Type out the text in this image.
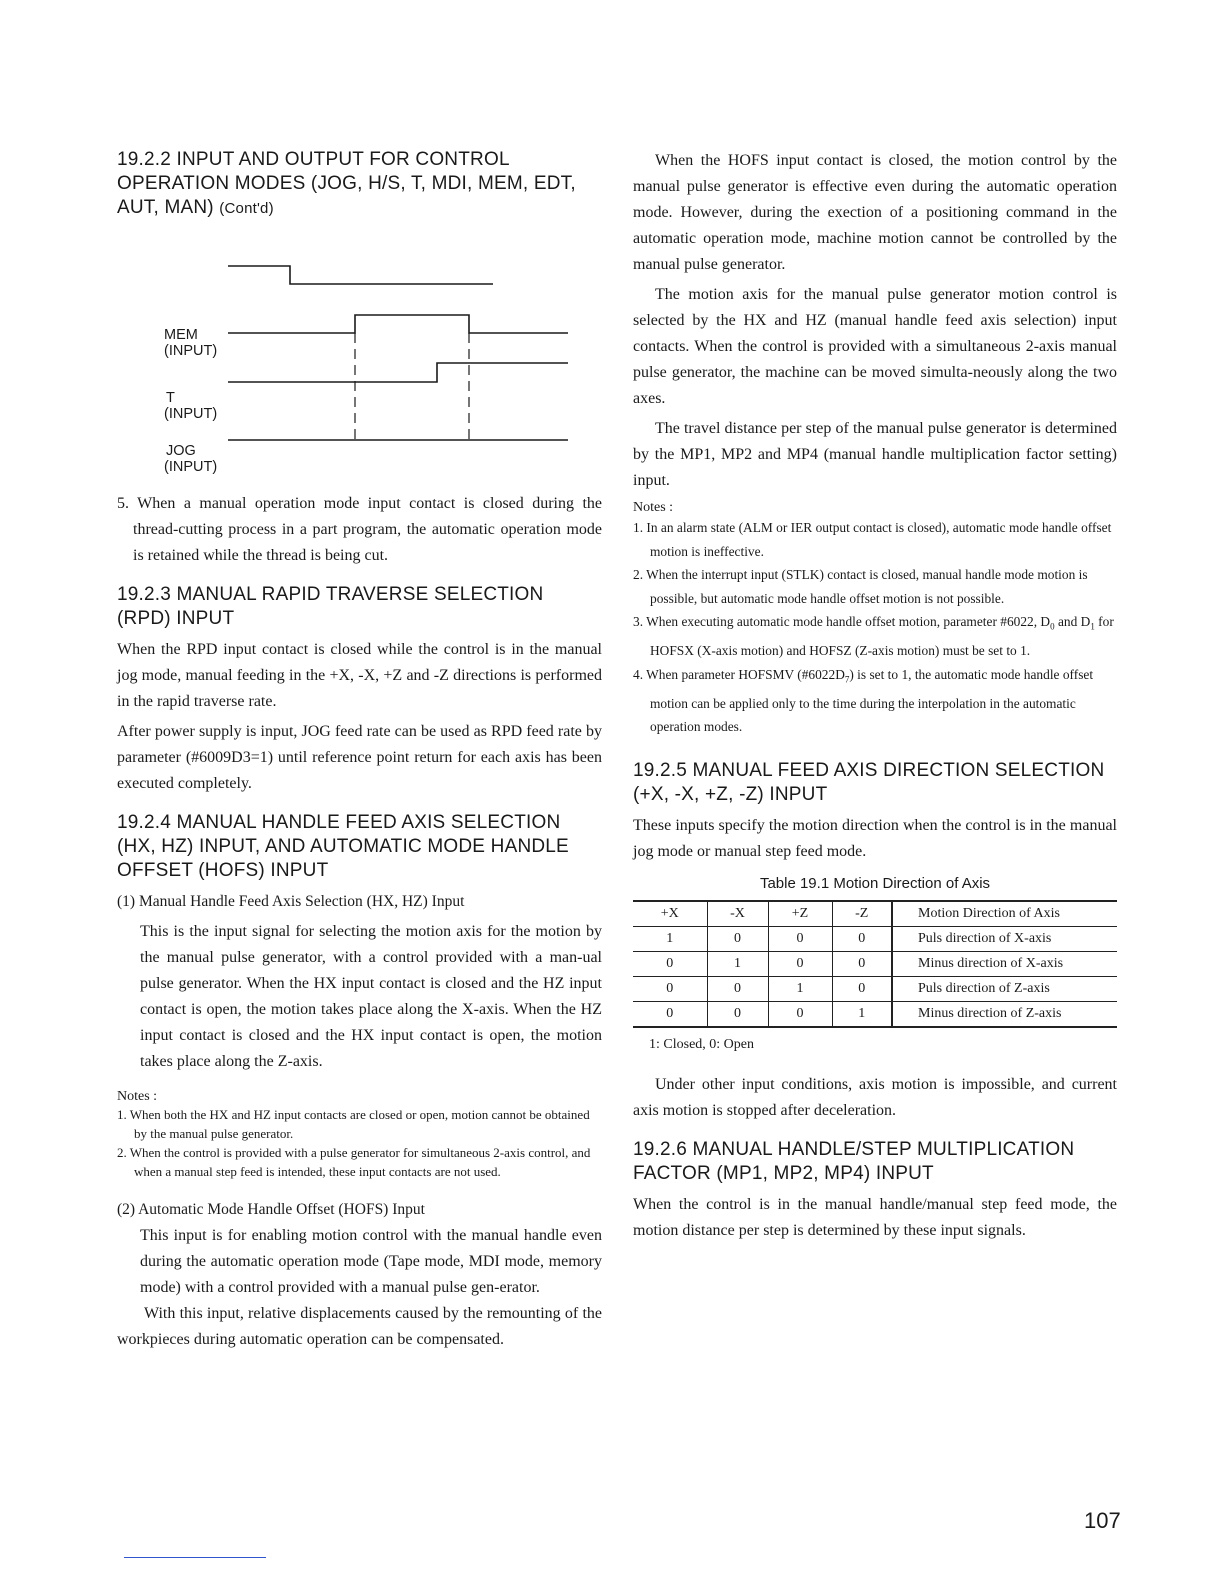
19.2.2 INPUT AND OUTPUT FOR CONTROL OPERATION MODES (JOG, H/S, T, MDI, MEM, EDT, AUT, MAN) (Cont'd)
MEM (INPUT)
T (INPUT)
JOG (INPUT)

5. When a manual operation mode input contact is closed during the thread-cutting process in a part program, the automatic operation mode is retained while the thread is being cut.

19.2.3 MANUAL RAPID TRAVERSE SELECTION (RPD) INPUT

When the RPD input contact is closed while the control is in the manual jog mode, manual feeding in the +X, -X, +Z and -Z directions is performed in the rapid traverse rate.

After power supply is input, JOG feed rate can be used as RPD feed rate by parameter (#6009D3=1) until reference point return for each axis has been executed completely.

19.2.4 MANUAL HANDLE FEED AXIS SELECTION (HX, HZ) INPUT, AND AUTOMATIC MODE HANDLE OFFSET (HOFS) INPUT

(1) Manual Handle Feed Axis Selection (HX, HZ) Input

This is the input signal for selecting the motion axis for the motion by the manual pulse generator, with a control provided with a man-ual pulse generator. When the HX input contact is closed and the HZ input contact is open, the motion takes place along the X-axis. When the HZ input contact is closed and the HX input contact is open, the motion takes place along the Z-axis.

Notes :

1. When both the HX and HZ input contacts are closed or open, motion cannot be obtained by the manual pulse generator.

2. When the control is provided with a pulse generator for simultaneous 2-axis control, and when a manual step feed is intended, these input contacts are not used.

(2) Automatic Mode Handle Offset (HOFS) Input

This input is for enabling motion control with the manual handle even during the automatic operation mode (Tape mode, MDI mode, memory mode) with a control provided with a manual pulse gen-erator.

With this input, relative displacements caused by the remounting of the workpieces during automatic operation can be compensated.

When the HOFS input contact is closed, the motion control by the manual pulse generator is effective even during the automatic operation mode. However, during the exection of a positioning command in the automatic operation mode, machine motion cannot be controlled by the manual pulse generator.

The motion axis for the manual pulse generator motion control is selected by the HX and HZ (manual handle feed axis selection) input contacts. When the control is provided with a simultaneous 2-axis manual pulse generator, the machine can be moved simulta-neously along the two axes.

The travel distance per step of the manual pulse generator is determined by the MP1, MP2 and MP4 (manual handle multiplication factor setting) input.

Notes :

1. In an alarm state (ALM or IER output contact is closed), automatic mode handle offset motion is ineffective.

2. When the interrupt input (STLK) contact is closed, manual handle mode motion is possible, but automatic mode handle offset motion is not possible.

3. When executing automatic mode handle offset motion, parameter #6022, $D_0$ and $D_1$ for HOFSX (X-axis motion) and HOFSZ (Z-axis motion) must be set to 1.

4. When parameter HOFSMV $(\#6022D_7)$ is set to 1, the automatic mode handle offset motion can be applied only to the time during the interpolation in the automatic operation modes.

19.2.5 MANUAL FEED AXIS DIRECTION SELECTION (+X, -X, +Z, -Z) INPUT

These inputs specify the motion direction when the control is in the manual jog mode or manual step feed mode.

Table 19.1 Motion Direction of Axis

+X	-X	+Z	-Z	Motion Direction of Axis
1	0	0	0	Puls direction of X-axis
0	1	0	0	Minus direction of X-axis
0	0	1	0	Puls direction of Z-axis
0	0	0	1	Minus direction of Z-axis

1: Closed, 0: Open

Under other input conditions, axis motion is impossible, and current axis motion is stopped after deceleration.

19.2.6 MANUAL HANDLE/STEP MULTIPLICATION FACTOR (MP1, MP2, MP4) INPUT

When the control is in the manual handle/manual step feed mode, the motion distance per step is determined by these input signals.

107
